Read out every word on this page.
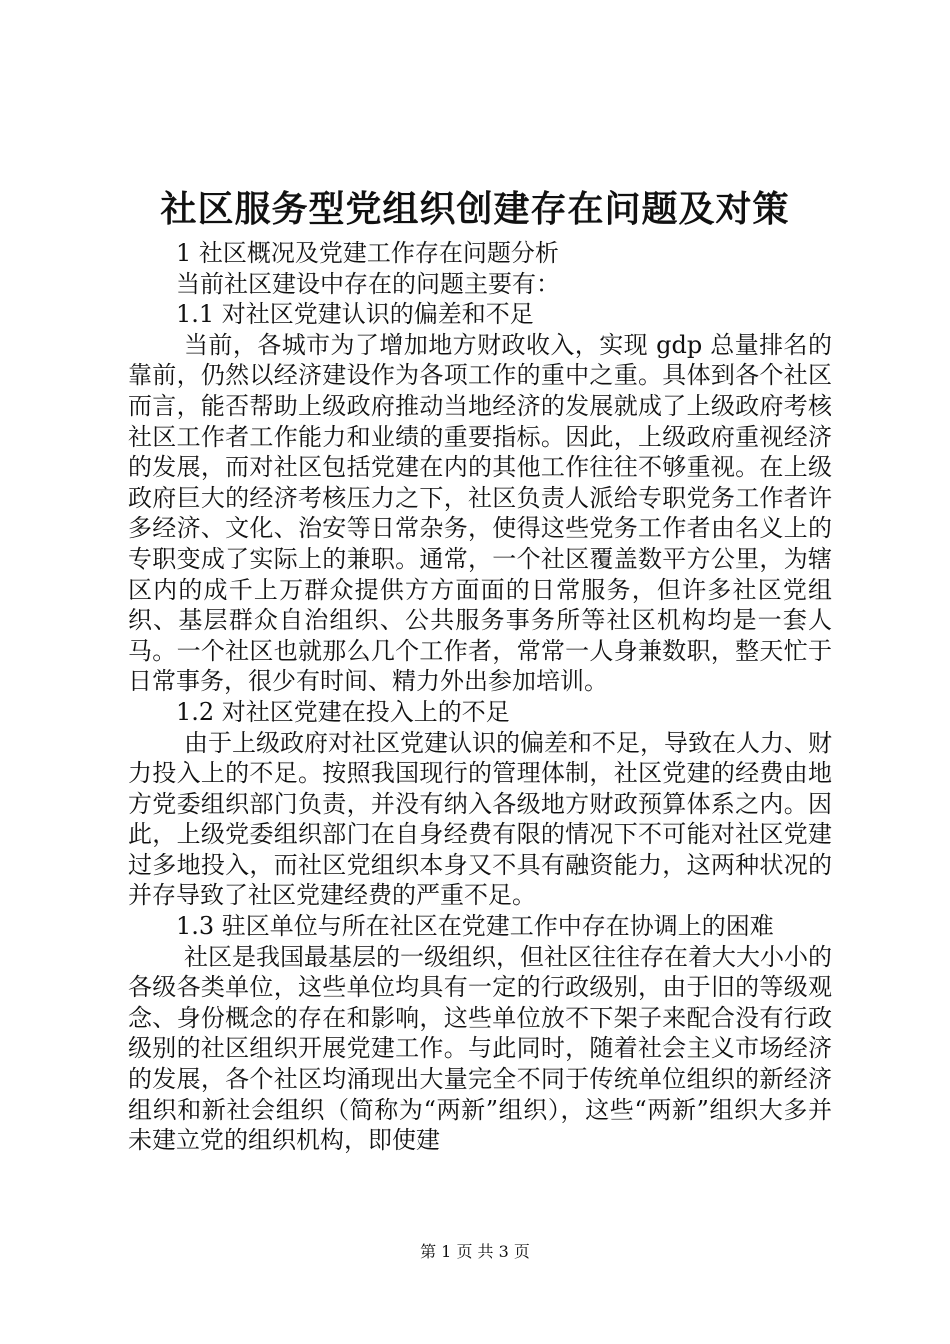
社区服务型党组织创建存在问题及对策

1 社区概况及党建工作存在问题分析

当前社区建设中存在的问题主要有：

1.1 对社区党建认识的偏差和不足

当前，各城市为了增加地方财政收入，实现 gdp 总量排名的靠前，仍然以经济建设作为各项工作的重中之重。具体到各个社区而言，能否帮助上级政府推动当地经济的发展就成了上级政府考核社区工作者工作能力和业绩的重要指标。因此，上级政府重视经济的发展，而对社区包括党建在内的其他工作往往不够重视。在上级政府巨大的经济考核压力之下，社区负责人派给专职党务工作者许多经济、文化、治安等日常杂务，使得这些党务工作者由名义上的专职变成了实际上的兼职。通常，一个社区覆盖数平方公里，为辖区内的成千上万群众提供方方面面的日常服务，但许多社区党组织、基层群众自治组织、公共服务事务所等社区机构均是一套人马。一个社区也就那么几个工作者，常常一人身兼数职，整天忙于日常事务，很少有时间、精力外出参加培训。

1.2 对社区党建在投入上的不足

由于上级政府对社区党建认识的偏差和不足，导致在人力、财力投入上的不足。按照我国现行的管理体制，社区党建的经费由地方党委组织部门负责，并没有纳入各级地方财政预算体系之内。因此，上级党委组织部门在自身经费有限的情况下不可能对社区党建过多地投入，而社区党组织本身又不具有融资能力，这两种状况的并存导致了社区党建经费的严重不足。

1.3 驻区单位与所在社区在党建工作中存在协调上的困难

社区是我国最基层的一级组织，但社区往往存在着大大小小的各级各类单位，这些单位均具有一定的行政级别，由于旧的等级观念、身份概念的存在和影响，这些单位放不下架子来配合没有行政级别的社区组织开展党建工作。与此同时，随着社会主义市场经济的发展，各个社区均涌现出大量完全不同于传统单位组织的新经济组织和新社会组织（简称为“两新”组织），这些“两新”组织大多并未建立党的组织机构，即使建

第 1 页 共 3 页
